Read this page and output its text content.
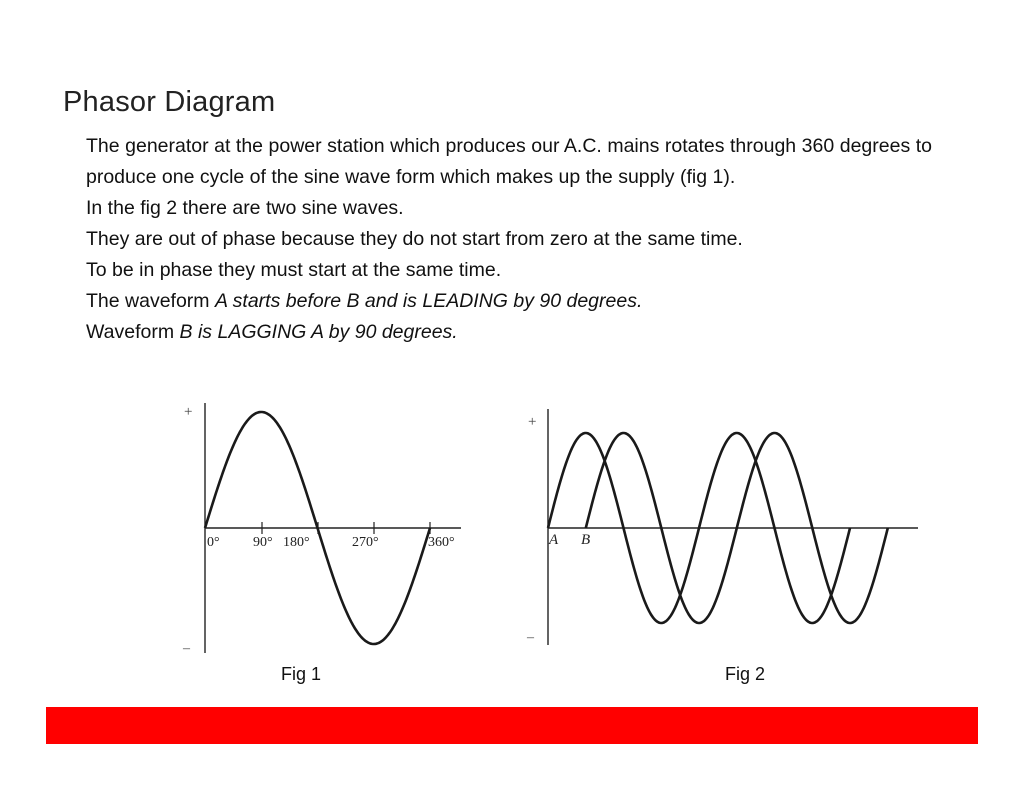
Phasor Diagram

The generator at the power station which produces our A.C. mains rotates through 360 degrees to produce one cycle of the sine wave form which makes up the supply (fig 1).

In the fig 2 there are two sine waves.

They are out of phase because they do not start from zero at the same time.

To be in phase they must start at the same time.

The waveform A starts before B and is LEADING by 90 degrees.

Waveform B is LAGGING A by 90 degrees.

+
–
0° 90° 180°	270°	360°
+
–
A B
Fig 1	Fig 2
